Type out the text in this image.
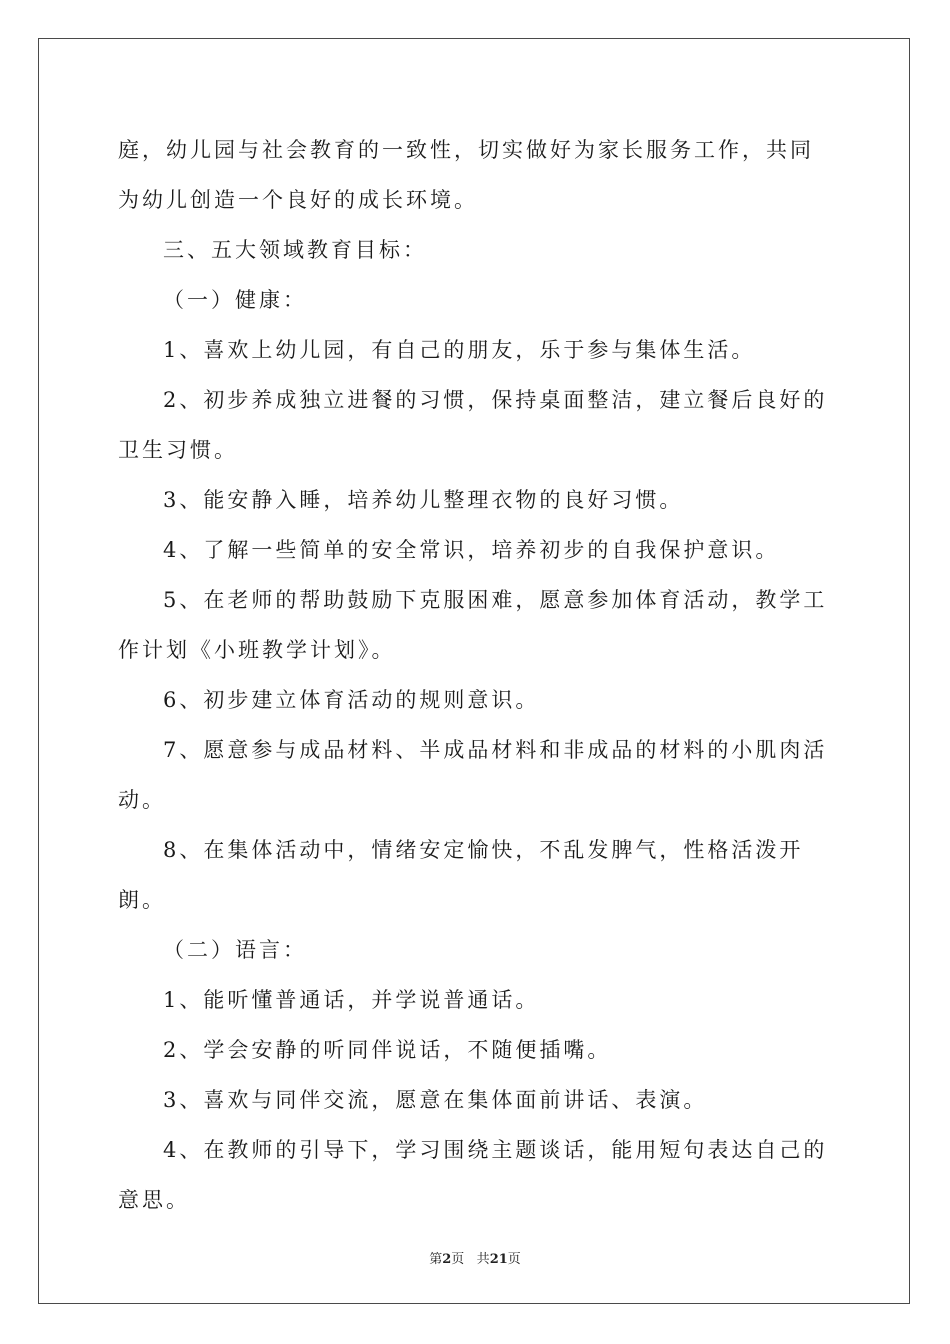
庭，幼儿园与社会教育的一致性，切实做好为家长服务工作，共同为幼儿创造一个良好的成长环境。

三、五大领域教育目标：

（一）健康：

1、喜欢上幼儿园，有自己的朋友，乐于参与集体生活。

2、初步养成独立进餐的习惯，保持桌面整洁，建立餐后良好的卫生习惯。

3、能安静入睡，培养幼儿整理衣物的良好习惯。

4、了解一些简单的安全常识，培养初步的自我保护意识。

5、在老师的帮助鼓励下克服困难，愿意参加体育活动，教学工作计划《小班教学计划》。

6、初步建立体育活动的规则意识。

7、愿意参与成品材料、半成品材料和非成品的材料的小肌肉活动。

8、在集体活动中，情绪安定愉快，不乱发脾气，性格活泼开朗。

（二）语言：

1、能听懂普通话，并学说普通话。

2、学会安静的听同伴说话，不随便插嘴。

3、喜欢与同伴交流，愿意在集体面前讲话、表演。

4、在教师的引导下，学习围绕主题谈话，能用短句表达自己的意思。

第2页 共21页
